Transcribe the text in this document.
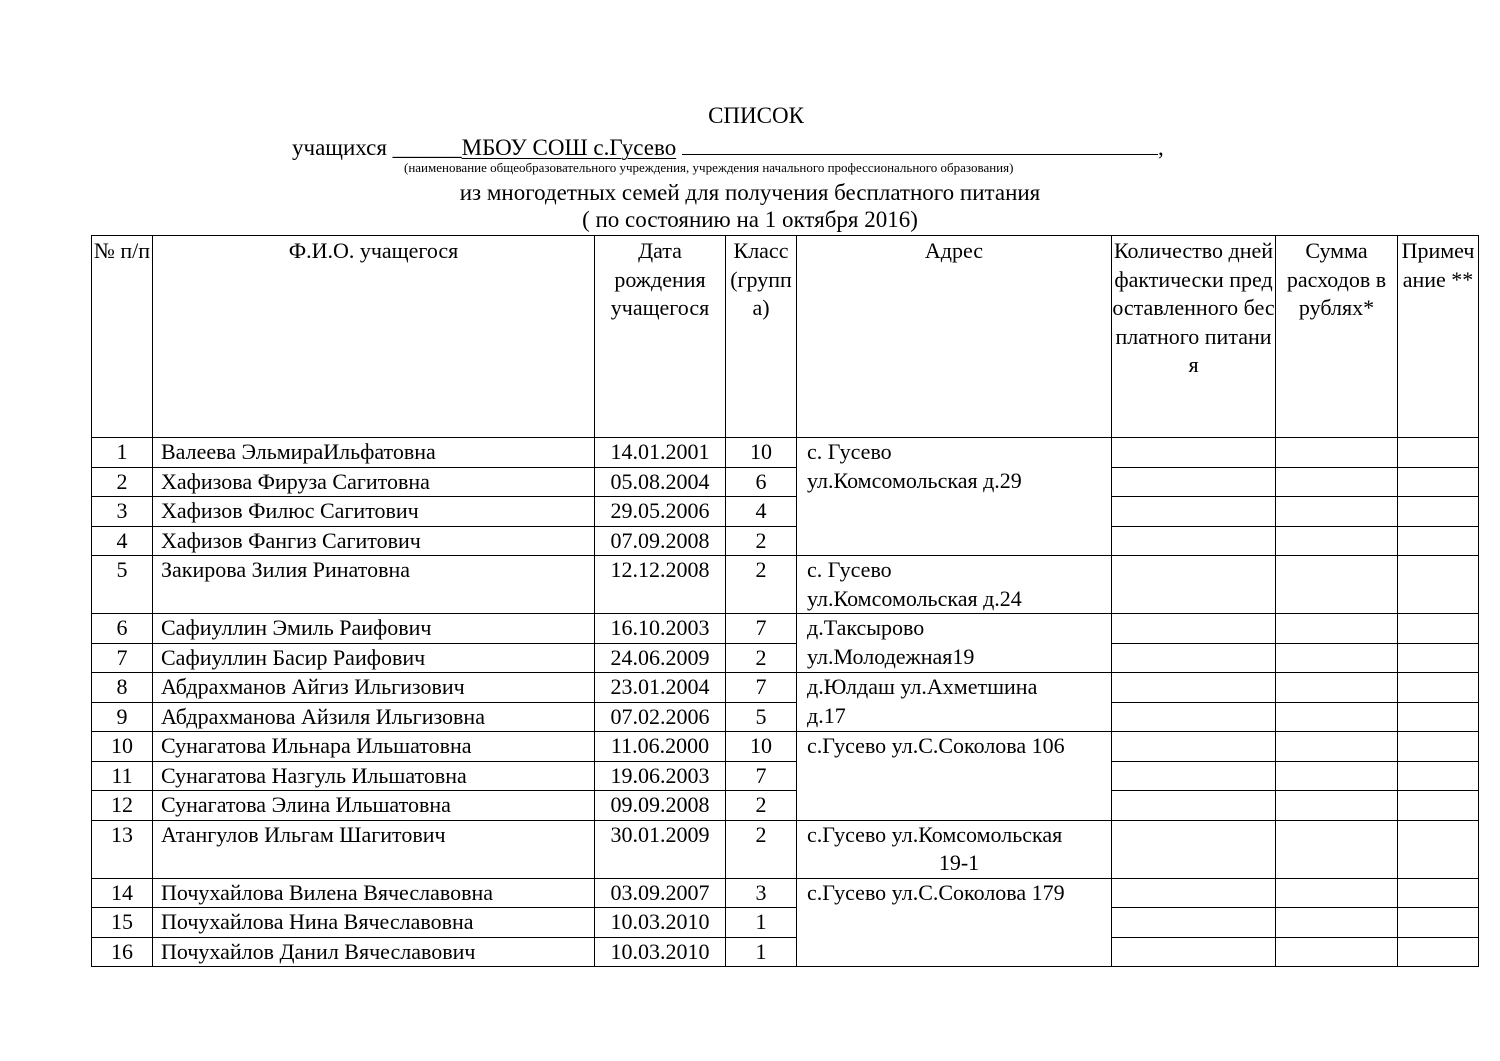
СПИСОК
учащихся ______МБОУ СОШ с.Гусево	,
(наименование общеобразовательного учреждения, учреждения начального профессионального образования)
из многодетных семей для получения бесплатного питания
( по состоянию на 1 октября 2016)
№ п/п	Ф.И.О. учащегося	Дата рождения учащегося	Класс (группа)	Адрес	Количество дней фактически предоставленного бесплатного питания	Сумма расходов в рублях*	Примечание **
1	Валеева ЭльмираИльфатовна	14.01.2001	10	с. Гусево
ул.Комсомольская д.29			

2	Хафизова Фируза Сагитовна	05.08.2004	6				
3	Хафизов Филюс Сагитович	29.05.2006	4				
4	Хафизов Фангиз Сагитович	07.09.2008	2				
5	Закирова Зилия Ринатовна	12.12.2008	2	с. Гусево
ул.Комсомольская д.24			

6	Сафиуллин Эмиль Раифович	16.10.2003	7	д.Таксырово
ул.Молодежная19			

7	Сафиуллин Басир Раифович	24.06.2009	2				
8	Абдрахманов Айгиз Ильгизович	23.01.2004	7	д.Юлдаш ул.Ахметшина
д.17			

9	Абдрахманова Айзиля Ильгизовна	07.02.2006	5				
10	Сунагатова Ильнара Ильшатовна	11.06.2000	10	с.Гусево ул.С.Соколова 106			

11	Сунагатова Назгуль Ильшатовна	19.06.2003	7				
12	Сунагатова Элина Ильшатовна	09.09.2008	2				
13	Атангулов Ильгам Шагитович	30.01.2009	2	с.Гусево ул.Комсомольская
19-1			

14	Почухайлова Вилена Вячеславовна	03.09.2007	3	с.Гусево ул.С.Соколова 179			

15	Почухайлова Нина Вячеславовна	10.03.2010	1				
16	Почухайлов Данил Вячеславович	10.03.2010	1				
